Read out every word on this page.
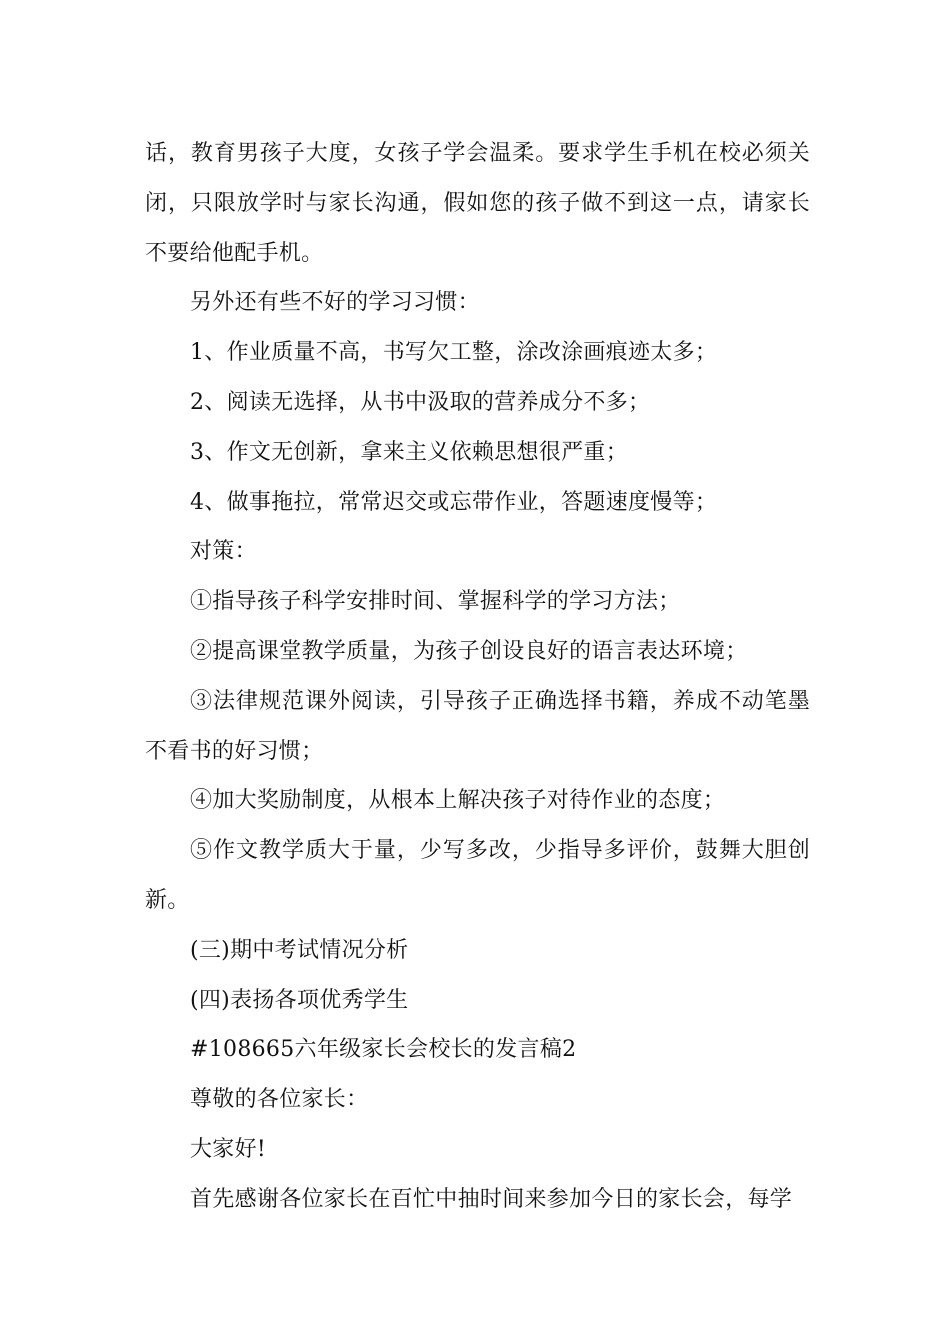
话，教育男孩子大度，女孩子学会温柔。要求学生手机在校必须关闭，只限放学时与家长沟通，假如您的孩子做不到这一点，请家长不要给他配手机。

另外还有些不好的学习习惯：

1、作业质量不高，书写欠工整，涂改涂画痕迹太多；

2、阅读无选择，从书中汲取的营养成分不多；

3、作文无创新，拿来主义依赖思想很严重；

4、做事拖拉，常常迟交或忘带作业，答题速度慢等；

对策：

①指导孩子科学安排时间、掌握科学的学习方法；

②提高课堂教学质量，为孩子创设良好的语言表达环境；

③法律规范课外阅读，引导孩子正确选择书籍，养成不动笔墨不看书的好习惯；

④加大奖励制度，从根本上解决孩子对待作业的态度；

⑤作文教学质大于量，少写多改，少指导多评价，鼓舞大胆创新。

(三)期中考试情况分析

(四)表扬各项优秀学生

#108665六年级家长会校长的发言稿2

尊敬的各位家长：

大家好!

首先感谢各位家长在百忙中抽时间来参加今日的家长会，每学
